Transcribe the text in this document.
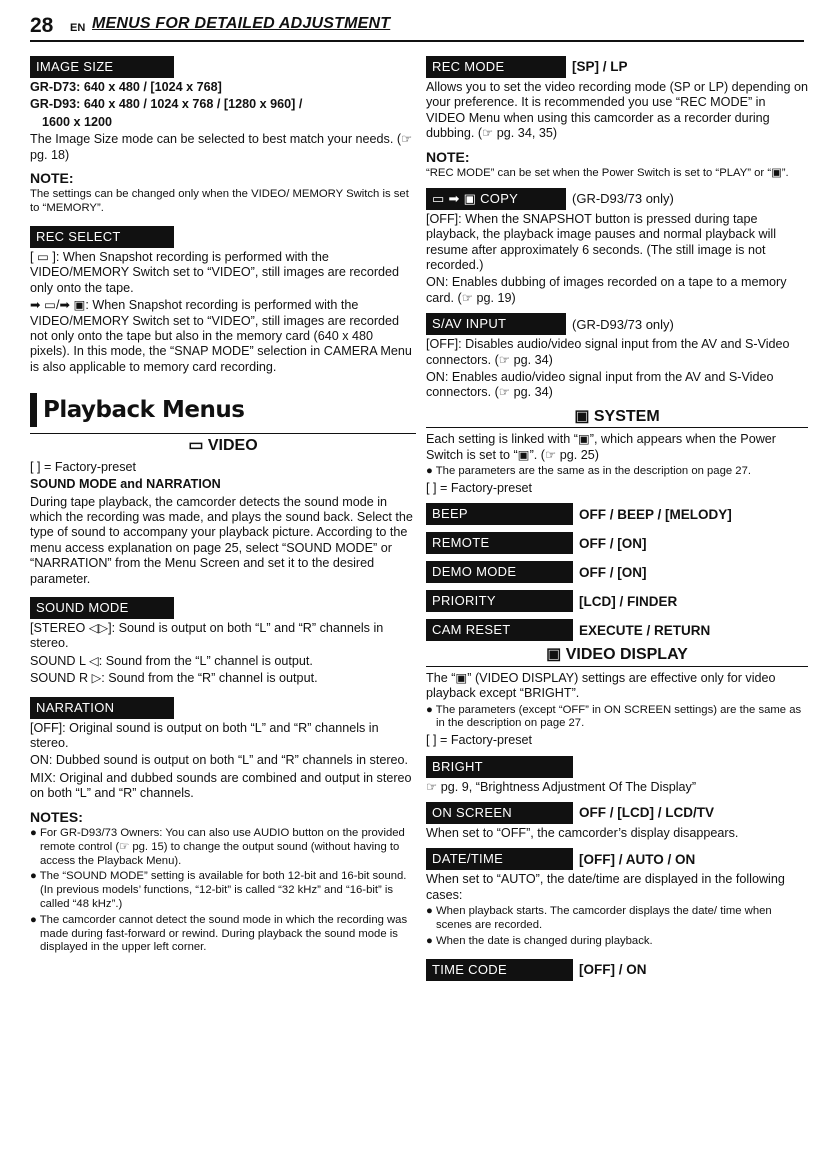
28 EN MENUS FOR DETAILED ADJUSTMENT
IMAGE SIZE

GR-D73: 640 x 480 / [1024 x 768]

GR-D93: 640 x 480 / 1024 x 768 / [1280 x 960] /

1600 x 1200

The Image Size mode can be selected to best match your needs. (☞ pg. 18)

NOTE:

The settings can be changed only when the VIDEO/ MEMORY Switch is set to “MEMORY”.

REC SELECT

[ ▭ ]: When Snapshot recording is performed with the VIDEO/MEMORY Switch set to “VIDEO”, still images are recorded only onto the tape.

➡ ▭/➡ ▣: When Snapshot recording is performed with the VIDEO/MEMORY Switch set to “VIDEO”, still images are recorded not only onto the tape but also in the memory card (640 x 480 pixels). In this mode, the “SNAP MODE” selection in CAMERA Menu is also applicable to memory card recording.

Playback Menus
▭ VIDEO

[ ] = Factory-preset

SOUND MODE and NARRATION

During tape playback, the camcorder detects the sound mode in which the recording was made, and plays the sound back. Select the type of sound to accompany your playback picture. According to the menu access explanation on page 25, select “SOUND MODE” or “NARRATION” from the Menu Screen and set it to the desired parameter.

SOUND MODE

[STEREO ◁▷]: Sound is output on both “L” and “R” channels in stereo.

SOUND L ◁: Sound from the “L” channel is output.

SOUND R ▷: Sound from the “R” channel is output.

NARRATION

[OFF]: Original sound is output on both “L” and “R” channels in stereo.

ON: Dubbed sound is output on both “L” and “R” channels in stereo.

MIX: Original and dubbed sounds are combined and output in stereo on both “L” and “R” channels.

NOTES:

● For GR-D93/73 Owners: You can also use AUDIO button on the provided remote control (☞ pg. 15) to change the output sound (without having to access the Playback Menu).

● The “SOUND MODE” setting is available for both 12-bit and 16-bit sound. (In previous models’ functions, “12-bit” is called “32 kHz” and “16-bit” is called “48 kHz”.)

● The camcorder cannot detect the sound mode in which the recording was made during fast-forward or rewind. During playback the sound mode is displayed in the upper left corner.

REC MODE	[SP] / LP

Allows you to set the video recording mode (SP or LP) depending on your preference. It is recommended you use “REC MODE” in VIDEO Menu when using this camcorder as a recorder during dubbing. (☞ pg. 34, 35)

NOTE:

“REC MODE” can be set when the Power Switch is set to “PLAY” or “▣”.

▭ ➡ ▣ COPY	(GR-D93/73 only)

[OFF]: When the SNAPSHOT button is pressed during tape playback, the playback image pauses and normal playback will resume after approximately 6 seconds. (The still image is not recorded.)

ON: Enables dubbing of images recorded on a tape to a memory card. (☞ pg. 19)

S/AV INPUT	(GR-D93/73 only)

[OFF]: Disables audio/video signal input from the AV and S-Video connectors. (☞ pg. 34)

ON: Enables audio/video signal input from the AV and S-Video connectors. (☞ pg. 34)

▣ SYSTEM

Each setting is linked with “▣”, which appears when the Power Switch is set to “▣”. (☞ pg. 25)

● The parameters are the same as in the description on page 27.

[ ] = Factory-preset

BEEP	OFF / BEEP / [MELODY]
REMOTE	OFF / [ON]
DEMO MODE	OFF / [ON]
PRIORITY	[LCD] / FINDER
CAM RESET	EXECUTE / RETURN
▣ VIDEO DISPLAY

The “▣” (VIDEO DISPLAY) settings are effective only for video playback except “BRIGHT”.

● The parameters (except “OFF” in ON SCREEN settings) are the same as in the description on page 27.

[ ] = Factory-preset

BRIGHT

☞ pg. 9, “Brightness Adjustment Of The Display”

ON SCREEN	OFF / [LCD] / LCD/TV

When set to “OFF”, the camcorder’s display disappears.

DATE/TIME	[OFF] / AUTO / ON

When set to “AUTO”, the date/time are displayed in the following cases:

● When playback starts. The camcorder displays the date/ time when scenes are recorded.

● When the date is changed during playback.

TIME CODE	[OFF] / ON
